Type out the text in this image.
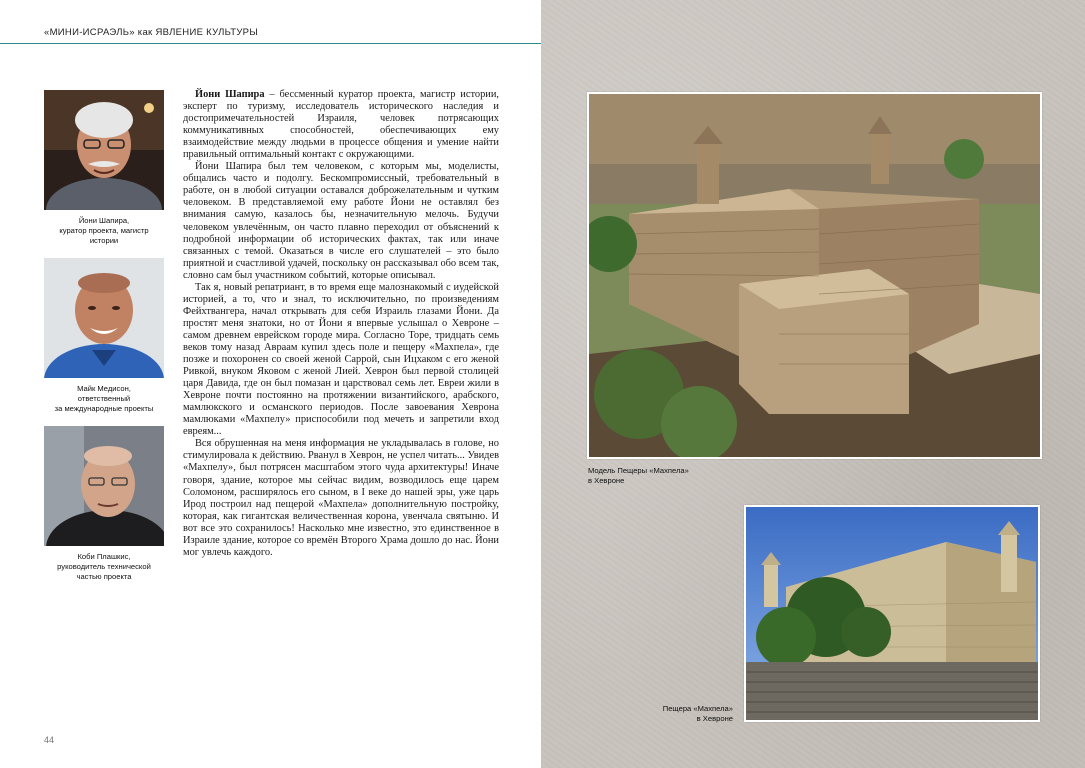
«МИНИ-ИСРАЭЛЬ» как ЯВЛЕНИЕ КУЛЬТУРЫ
Йони Шапира,
куратор проекта, магистр
истории
Майк Медисон,
ответственный
за международные проекты
Коби Плашкис,
руководитель технической
частью проекта

Йони Шапира – бессменный куратор проекта, магистр истории, эксперт по туризму, исследователь исторического наследия и достопримечательностей Израиля, человек потрясающих коммуникативных способностей, обеспечивающих ему взаимодействие между людьми в процессе общения и умение найти правильный оптимальный контакт с окружающими.

Йони Шапира был тем человеком, с которым мы, моделисты, общались часто и подолгу. Бескомпромиссный, требовательный в работе, он в любой ситуации оставался доброжелательным и чутким человеком. В представляемой ему работе Йони не оставлял без внимания самую, казалось бы, незначительную мелочь. Будучи человеком увлечённым, он часто плавно переходил от объяснений к подробной информации об исторических фактах, так или иначе связанных с темой. Оказаться в числе его слушателей – это было приятной и счастливой удачей, поскольку он рассказывал обо всем так, словно сам был участником событий, которые описывал.

Так я, новый репатриант, в то время еще малознакомый с иудейской историей, а то, что и знал, то исключительно, по произведениям Фейхтвангера, начал открывать для себя Израиль глазами Йони. Да простят меня знатоки, но от Йони я впервые услышал о Хевроне – самом древнем еврейском городе мира. Согласно Торе, тридцать семь веков тому назад Авраам купил здесь поле и пещеру «Махпела», где позже и похоронен со своей женой Саррой, сын Ицхаком с его женой Ривкой, внуком Яковом с женой Лией. Хеврон был первой столицей царя Давида, где он был помазан и царствовал семь лет. Евреи жили в Хевроне почти постоянно на протяжении византийского, арабского, мамлюкского и османского периодов. После завоевания Хеврона мамлюками «Махпелу» приспособили под мечеть и запретили вход евреям...

Вся обрушенная на меня информация не укладывалась в голове, но стимулировала к действию. Рванул в Хеврон, не успел читать... Увидев «Махпелу», был потрясен масштабом этого чуда архитектуры! Иначе говоря, здание, которое мы сейчас видим, возводилось еще царем Соломоном, расширялось его сыном, в I веке до нашей эры, уже царь Ирод построил над пещерой «Махпела» дополнительную постройку, которая, как гигантская величественная корона, увенчала святыню. И вот все это сохранилось! Насколько мне известно, это единственное в Израиле здание, которое со времён Второго Храма дошло до нас. Йони мог увлечь каждого.

44
Модель Пещеры «Махпела»
в Хевроне
Пещера «Махпела»
в Хевроне
